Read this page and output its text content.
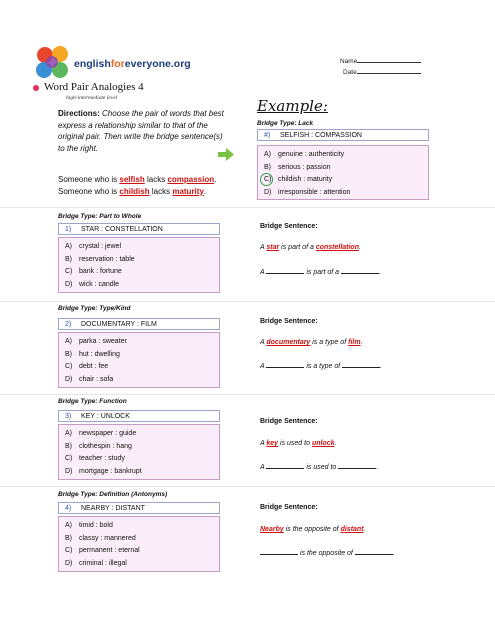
englishforeveryone.org	Name
Date
Word Pair Analogies 4
high-intermediate level
Directions: Choose the pair of words that best express a relationship similar to that of the original pair. Then write the bridge sentence(s) to the right.
Someone who is selfish lacks compassion.
Someone who is childish lacks maturity.
Example:
Bridge Type: Lack
#) SELFISH : COMPASSION
A) genuine : authenticity
B) serious : passion
C) childish : maturity
D) irresponsible : attention
Bridge Type: Part to Whole
1) STAR : CONSTELLATION
A) crystal : jewel
B) reservation : table
C) bank : fortune
D) wick : candle
Bridge Sentence:
A star is part of a constellation.
A	is part of a	.
Bridge Type: Type/Kind
2) DOCUMENTARY : FILM
A) parka : sweater
B) hut : dwelling
C) debt : fee
D) chair : sofa
Bridge Sentence:
A documentary is a type of film.
A	is a type of	.
Bridge Type: Function
3) KEY : UNLOCK
A) newspaper : guide
B) clothespin : hang
C) teacher : study
D) mortgage : bankrupt
Bridge Sentence:
A key is used to unlock.
A	is used to	.
Bridge Type: Definition (Antonyms)
4) NEARBY : DISTANT
A) timid : bold
B) classy : mannered
C) permanent : eternal
D) criminal : illegal
Bridge Sentence:
Nearby is the opposite of distant.
is the opposite of	.
